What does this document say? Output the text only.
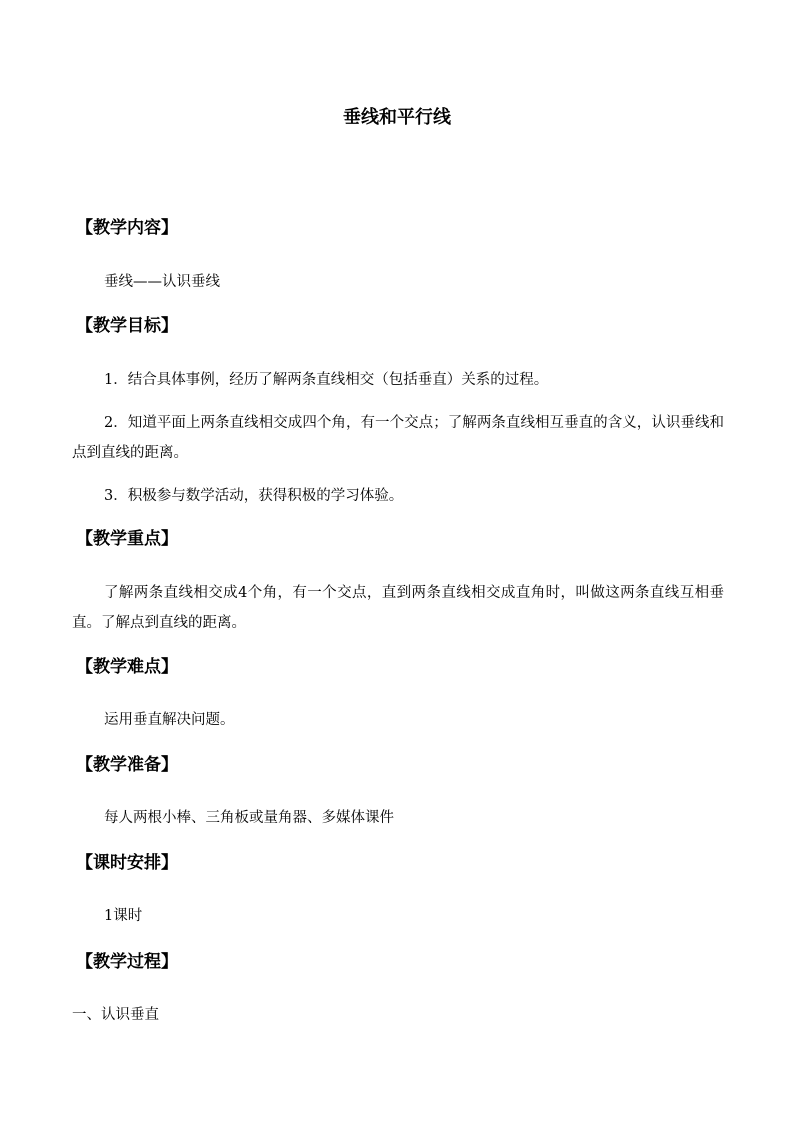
垂线和平行线
【教学内容】
垂线——认识垂线
【教学目标】
1．结合具体事例，经历了解两条直线相交（包括垂直）关系的过程。
2．知道平面上两条直线相交成四个角，有一个交点；了解两条直线相互垂直的含义，认识垂线和点到直线的距离。
3．积极参与数学活动，获得积极的学习体验。
【教学重点】
了解两条直线相交成4个角，有一个交点，直到两条直线相交成直角时，叫做这两条直线互相垂直。了解点到直线的距离。
【教学难点】
运用垂直解决问题。
【教学准备】
每人两根小棒、三角板或量角器、多媒体课件
【课时安排】
1课时
【教学过程】
一、认识垂直
